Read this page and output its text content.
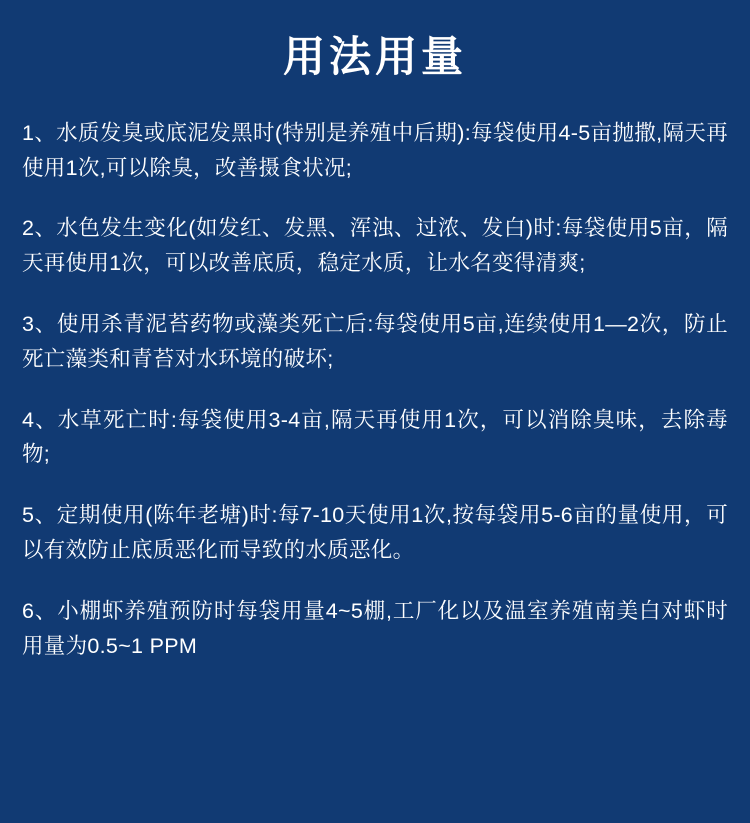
用法用量

1、水质发臭或底泥发黑时(特别是养殖中后期):每袋使用4-5亩抛撒,隔天再使用1次,可以除臭，改善摄食状况;

2、水色发生变化(如发红、发黑、浑浊、过浓、发白)时:每袋使用5亩，隔天再使用1次，可以改善底质，稳定水质，让水名变得清爽;

3、使用杀青泥苔药物或藻类死亡后:每袋使用5亩,连续使用1—2次，防止死亡藻类和青苔对水环境的破坏;

4、水草死亡时:每袋使用3-4亩,隔天再使用1次，可以消除臭味，去除毒物;

5、定期使用(陈年老塘)时:每7-10天使用1次,按每袋用5-6亩的量使用，可以有效防止底质恶化而导致的水质恶化。

6、小棚虾养殖预防时每袋用量4~5棚,工厂化以及温室养殖南美白对虾时用量为0.5~1 PPM
